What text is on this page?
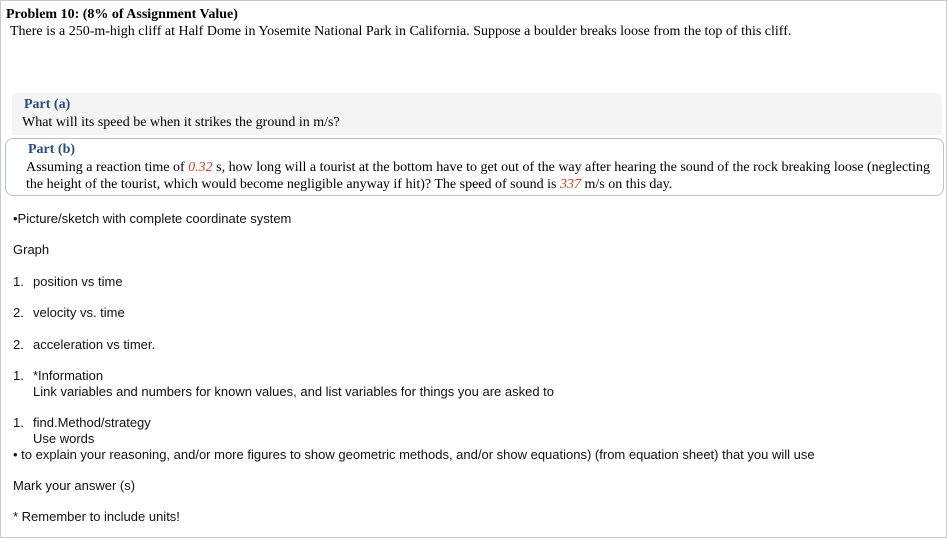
Problem 10: (8% of Assignment Value)
There is a 250-m-high cliff at Half Dome in Yosemite National Park in California. Suppose a boulder breaks loose from the top of this cliff.
Part (a)
What will its speed be when it strikes the ground in m/s?
Part (b)
Assuming a reaction time of 0.32 s, how long will a tourist at the bottom have to get out of the way after hearing the sound of the rock breaking loose (neglecting the height of the tourist, which would become negligible anyway if hit)? The speed of sound is 337 m/s on this day.
•Picture/sketch with complete coordinate system
Graph
1. position vs time
2. velocity vs. time
2. acceleration vs timer.
1. *Information
Link variables and numbers for known values, and list variables for things you are asked to
1. find.Method/strategy
Use words
• to explain your reasoning, and/or more figures to show geometric methods, and/or show equations) (from equation sheet) that you will use
Mark your answer (s)
* Remember to include units!
